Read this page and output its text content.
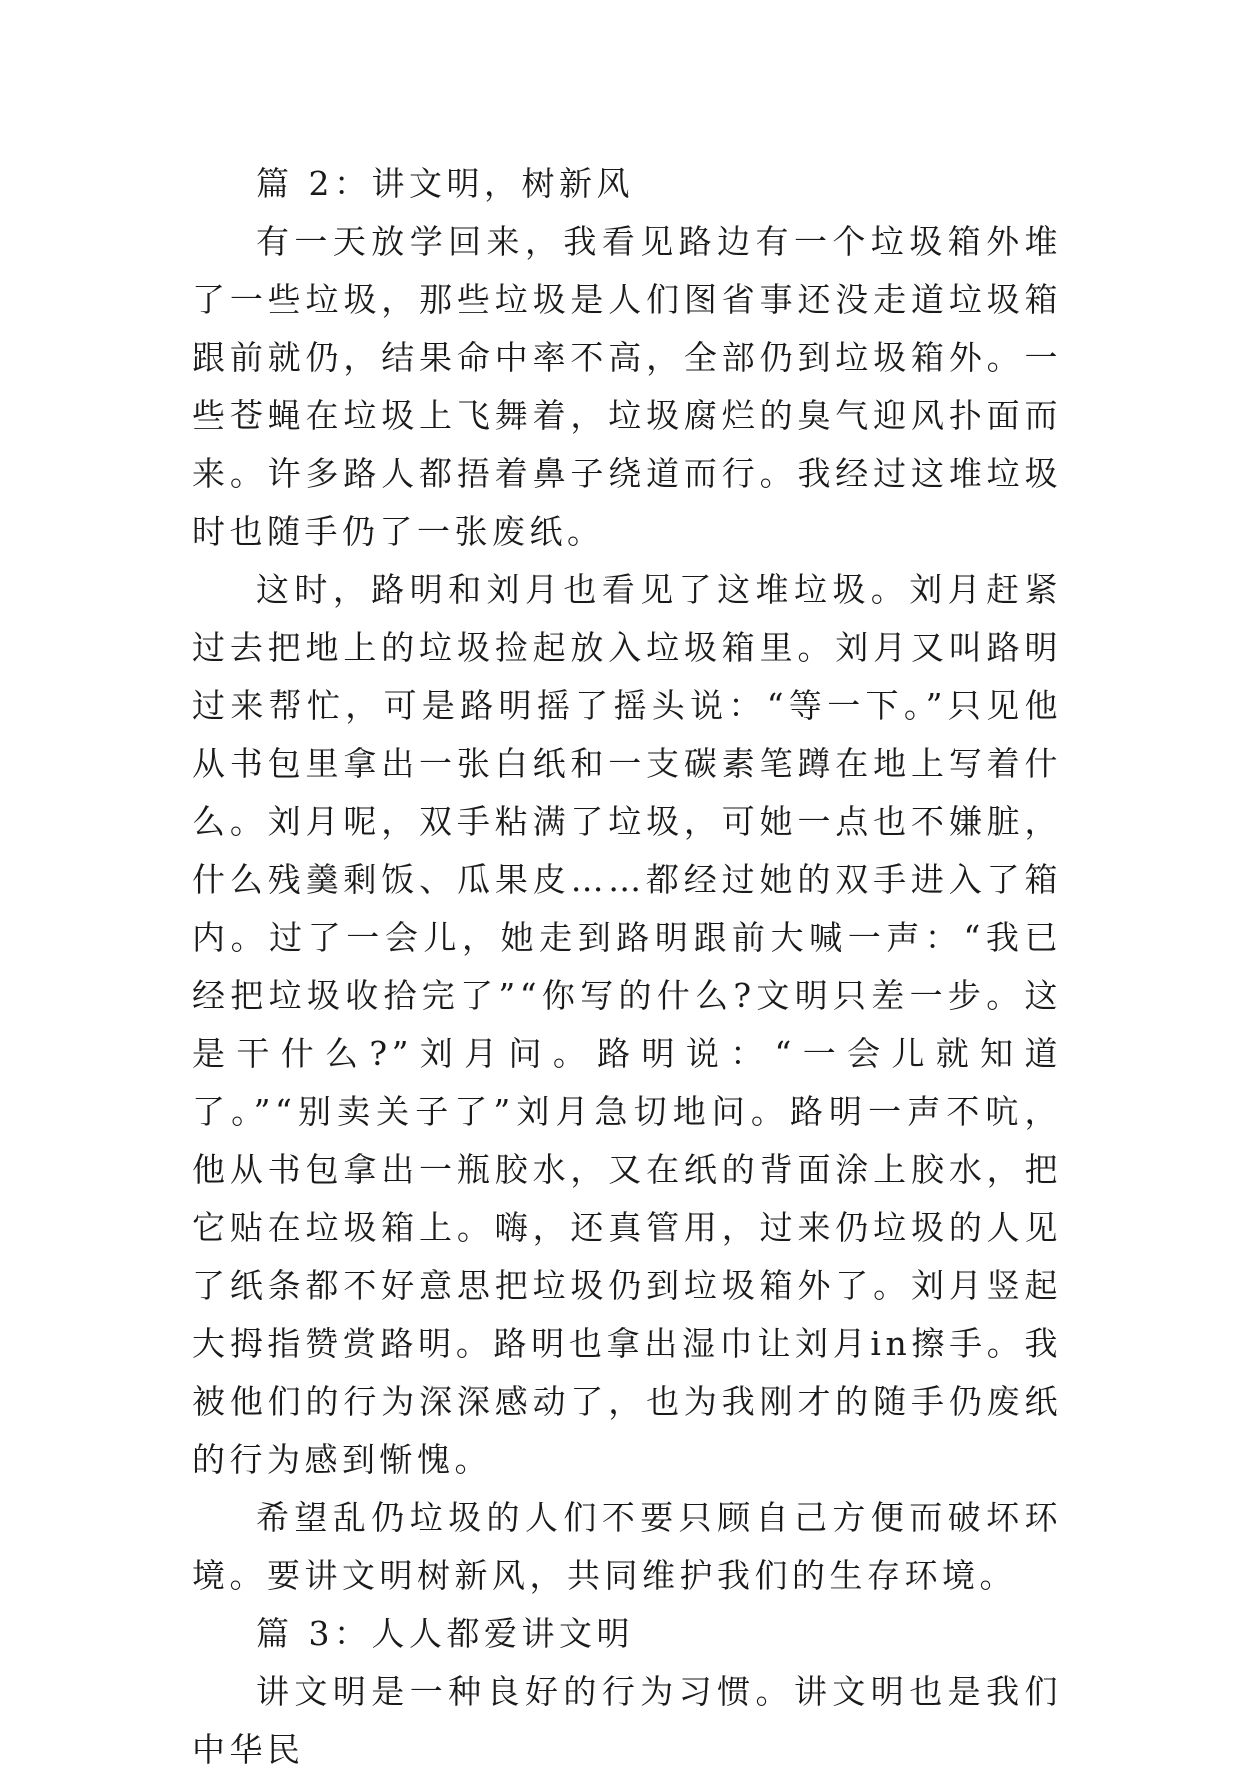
篇 2：讲文明，树新风

有一天放学回来，我看见路边有一个垃圾箱外堆了一些垃圾，那些垃圾是人们图省事还没走道垃圾箱跟前就仍，结果命中率不高，全部仍到垃圾箱外。一些苍蝇在垃圾上飞舞着，垃圾腐烂的臭气迎风扑面而来。许多路人都捂着鼻子绕道而行。我经过这堆垃圾时也随手仍了一张废纸。

这时，路明和刘月也看见了这堆垃圾。刘月赶紧过去把地上的垃圾捡起放入垃圾箱里。刘月又叫路明过来帮忙，可是路明摇了摇头说：“等一下。”只见他从书包里拿出一张白纸和一支碳素笔蹲在地上写着什么。刘月呢，双手粘满了垃圾，可她一点也不嫌脏，什么残羹剩饭、瓜果皮……都经过她的双手进入了箱内。过了一会儿，她走到路明跟前大喊一声：“我已经把垃圾收拾完了”“你写的什么?文明只差一步。这是干什么?”刘月问。路明说：“一会儿就知道了。”“别卖关子了”刘月急切地问。路明一声不吭，他从书包拿出一瓶胶水，又在纸的背面涂上胶水，把它贴在垃圾箱上。嗨，还真管用，过来仍垃圾的人见了纸条都不好意思把垃圾仍到垃圾箱外了。刘月竖起大拇指赞赏路明。路明也拿出湿巾让刘月in擦手。我被他们的行为深深感动了，也为我刚才的随手仍废纸的行为感到惭愧。

希望乱仍垃圾的人们不要只顾自己方便而破坏环境。要讲文明树新风，共同维护我们的生存环境。

篇 3：人人都爱讲文明

讲文明是一种良好的行为习惯。讲文明也是我们中华民
